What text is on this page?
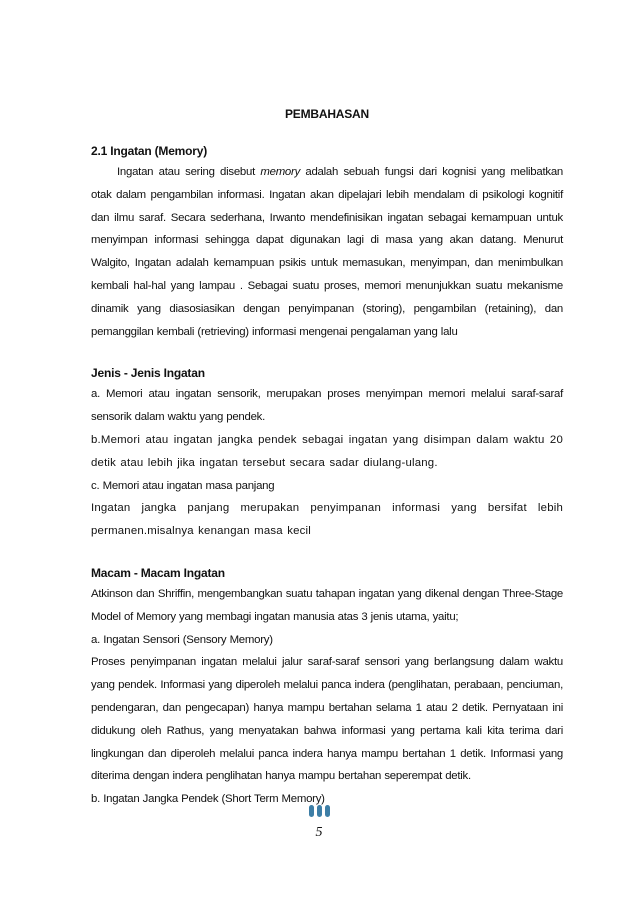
PEMBAHASAN
2.1 Ingatan (Memory)

Ingatan atau sering disebut memory adalah sebuah fungsi dari kognisi yang melibatkan otak dalam pengambilan informasi. Ingatan akan dipelajari lebih mendalam di psikologi kognitif dan ilmu saraf. Secara sederhana, Irwanto mendefinisikan ingatan sebagai kemampuan untuk menyimpan informasi sehingga dapat digunakan lagi di masa yang akan datang. Menurut Walgito, Ingatan adalah kemampuan psikis untuk memasukan, menyimpan, dan menimbulkan kembali hal-hal yang lampau . Sebagai suatu proses, memori menunjukkan suatu mekanisme dinamik yang diasosiasikan dengan penyimpanan (storing), pengambilan (retaining), dan pemanggilan kembali (retrieving) informasi mengenai pengalaman yang lalu

Jenis - Jenis Ingatan

a. Memori atau ingatan sensorik, merupakan proses menyimpan memori melalui saraf-saraf sensorik dalam waktu yang pendek.

b.Memori atau ingatan jangka pendek sebagai ingatan yang disimpan dalam waktu 20 detik atau lebih jika ingatan tersebut secara sadar diulang-ulang.

c. Memori atau ingatan masa panjang

Ingatan jangka panjang merupakan penyimpanan informasi yang bersifat lebih permanen.misalnya kenangan masa kecil

Macam - Macam Ingatan

Atkinson dan Shriffin, mengembangkan suatu tahapan ingatan yang dikenal dengan Three-Stage Model of Memory yang membagi ingatan manusia atas 3 jenis utama, yaitu;

a. Ingatan Sensori (Sensory Memory)

Proses penyimpanan ingatan melalui jalur saraf-saraf sensori yang berlangsung dalam waktu yang pendek. Informasi yang diperoleh melalui panca indera (penglihatan, perabaan, penciuman, pendengaran, dan pengecapan) hanya mampu bertahan selama 1 atau 2 detik. Pernyataan ini didukung oleh Rathus, yang menyatakan bahwa informasi yang pertama kali kita terima dari lingkungan dan diperoleh melalui panca indera hanya mampu bertahan 1 detik. Informasi yang diterima dengan indera penglihatan hanya mampu bertahan seperempat detik.

b. Ingatan Jangka Pendek (Short Term Memory)

5
